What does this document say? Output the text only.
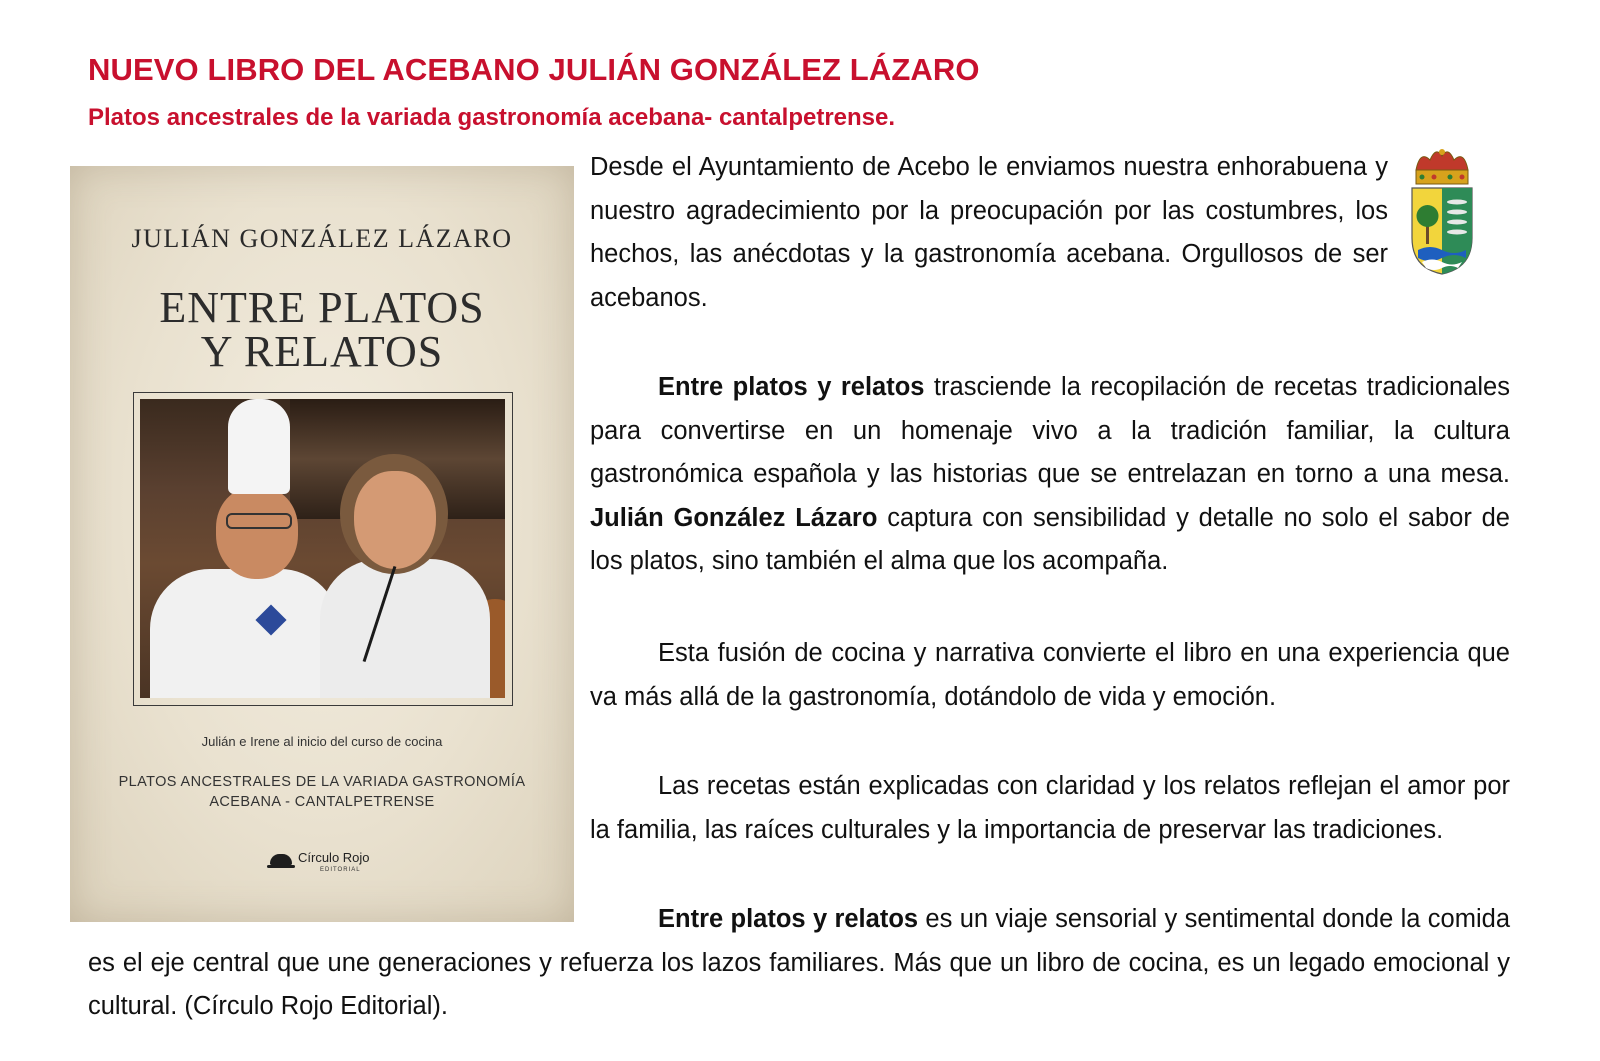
NUEVO LIBRO DEL ACEBANO JULIÁN GONZÁLEZ LÁZARO
Platos ancestrales de la variada gastronomía acebana- cantalpetrense.
JULIÁN GONZÁLEZ LÁZARO
ENTRE PLATOS
Y RELATOS
Julián e Irene al inicio del curso de cocina
PLATOS ANCESTRALES DE LA VARIADA GASTRONOMÍA
ACEBANA - CANTALPETRENSE
Círculo Rojo
EDITORIAL

Desde el Ayuntamiento de Acebo le enviamos nuestra enhorabuena y nuestro agradecimiento por la preocupación por las costumbres, los hechos, las anécdotas y la gastronomía acebana. Orgullosos de ser acebanos.

Entre platos y relatos trasciende la recopilación de recetas tradicionales para convertirse en un homenaje vivo a la tradición familiar, la cultura gastronómica española y las historias que se entrelazan en torno a una mesa. Julián González Lázaro captura con sensibilidad y detalle no solo el sabor de los platos, sino también el alma que los acompaña.

Esta fusión de cocina y narrativa convierte el libro en una experiencia que va más allá de la gastronomía, dotándolo de vida y emoción.

Las recetas están explicadas con claridad y los relatos reflejan el amor por la familia, las raíces culturales y la importancia de preservar las tradiciones.

Entre platos y relatos es un viaje sensorial y sentimental donde la comida es el eje central que une generaciones y refuerza los lazos familiares. Más que un libro de cocina, es un legado emocional y cultural. (Círculo Rojo Editorial).
